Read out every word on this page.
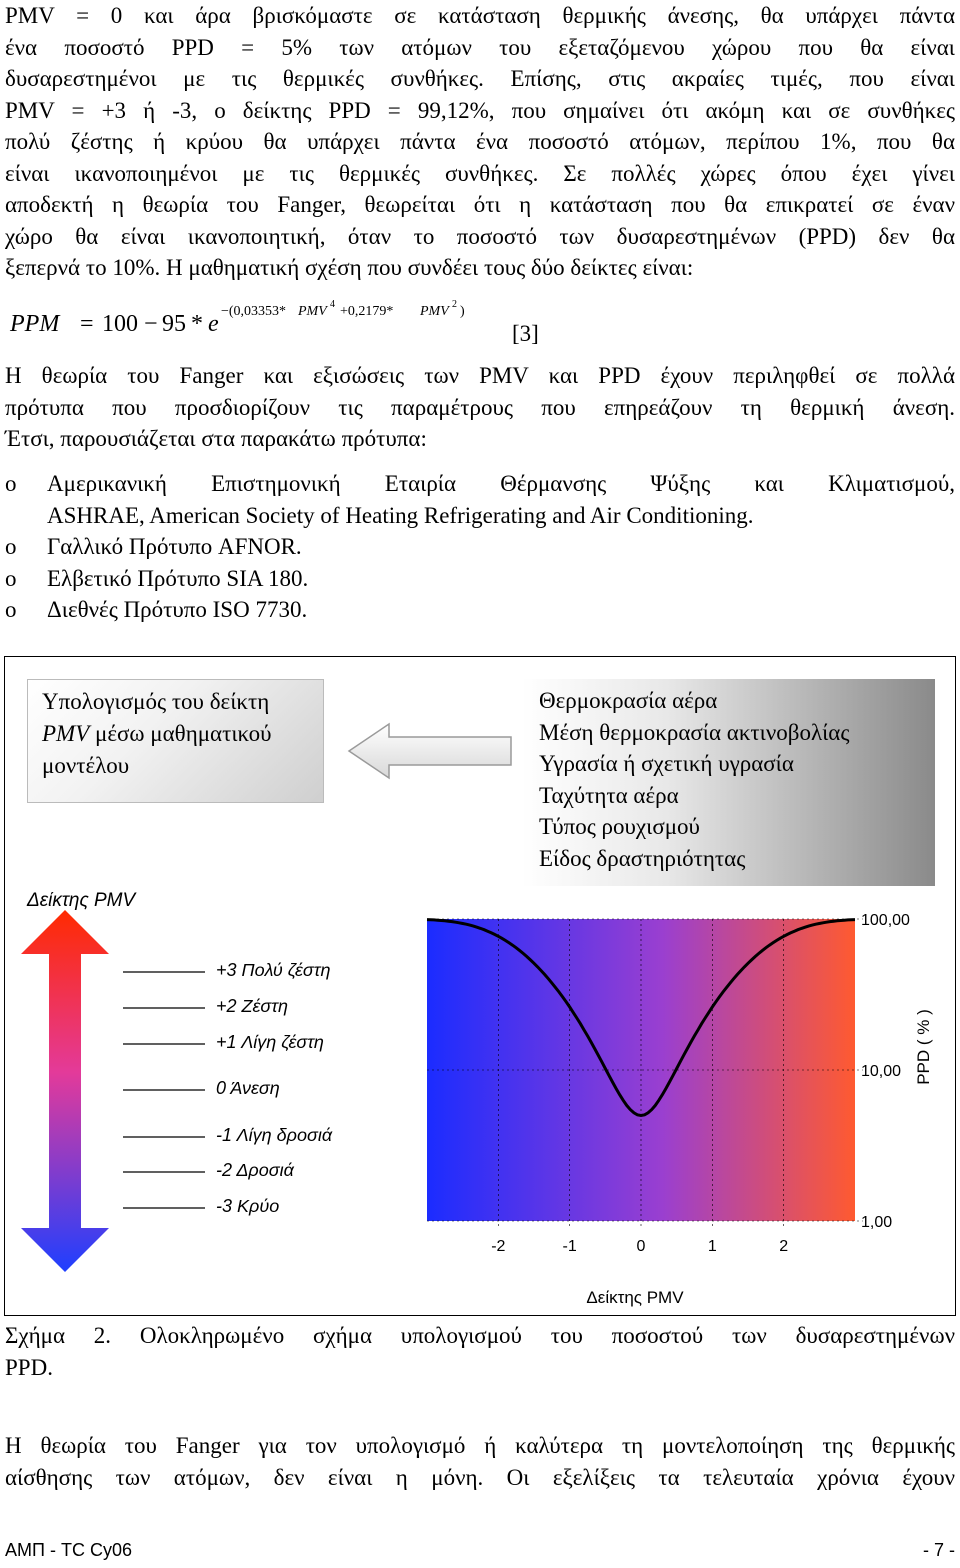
PMV = 0 και άρα βρισκόμαστε σε κατάσταση θερμικής άνεσης, θα υπάρχει πάντα
ένα ποσοστό PPD = 5% των ατόμων του εξεταζόμενου χώρου που θα είναι
δυσαρεστημένοι με τις θερμικές συνθήκες. Επίσης, στις ακραίες τιμές, που είναι
PMV = +3 ή -3, ο δείκτης PPD = 99,12%, που σημαίνει ότι ακόμη και σε συνθήκες
πολύ ζέστης ή κρύου θα υπάρχει πάντα ένα ποσοστό ατόμων, περίπου 1%, που θα
είναι ικανοποιημένοι με τις θερμικές συνθήκες. Σε πολλές χώρες όπου έχει γίνει
αποδεκτή η θεωρία του Fanger, θεωρείται ότι η κατάσταση που θα επικρατεί σε έναν
χώρο θα είναι ικανοποιητική, όταν το ποσοστό των δυσαρεστημένων (PPD) δεν θα
ξεπερνά το 10%. Η μαθηματική σχέση που συνδέει τους δύο δείκτες είναι:
PPM = 100 − 95 * e −(0,03353* PMV 4 +0,2179* PMV 2 )
[3]
Η θεωρία του Fanger και εξισώσεις των PMV και PPD έχουν περιληφθεί σε πολλά
πρότυπα που προσδιορίζουν τις παραμέτρους που επηρεάζουν τη θερμική άνεση.
Έτσι, παρουσιάζεται στα παρακάτω πρότυπα:
o Αμερικανική Επιστημονική Εταιρία Θέρμανσης Ψύξης και Κλιματισμού,
ASHRAE, American Society of Heating Refrigerating and Air Conditioning.
o Γαλλικό Πρότυπο AFNOR.
o Ελβετικό Πρότυπο SIA 180.
o Διεθνές Πρότυπο ISO 7730.
Υπολογισμός του δείκτη
PMV μέσω μαθηματικού
μοντέλου
Θερμοκρασία αέρα
Μέση θερμοκρασία ακτινοβολίας
Υγρασία ή σχετική υγρασία
Ταχύτητα αέρα
Τύπος ρουχισμού
Είδος δραστηριότητας
Δείκτης PMV
+3 Πολύ ζέστη
+2 Ζέστη
+1 Λίγη ζέστη
0 Άνεση
-1 Λίγη δροσιά
-2 Δροσιά
-3 Κρύο
-2	-1	0	1	2
1,00
10,00
100,00
Δείκτης PMV
PPD ( % )
Σχήμα 2. Ολοκληρωμένο σχήμα υπολογισμού του ποσοστού των δυσαρεστημένων
PPD.
Η θεωρία του Fanger για τον υπολογισμό ή καλύτερα τη μοντελοποίηση της θερμικής
αίσθησης των ατόμων, δεν είναι η μόνη. Οι εξελίξεις τα τελευταία χρόνια έχουν
ΑΜΠ - TC Cy06	- 7 -
